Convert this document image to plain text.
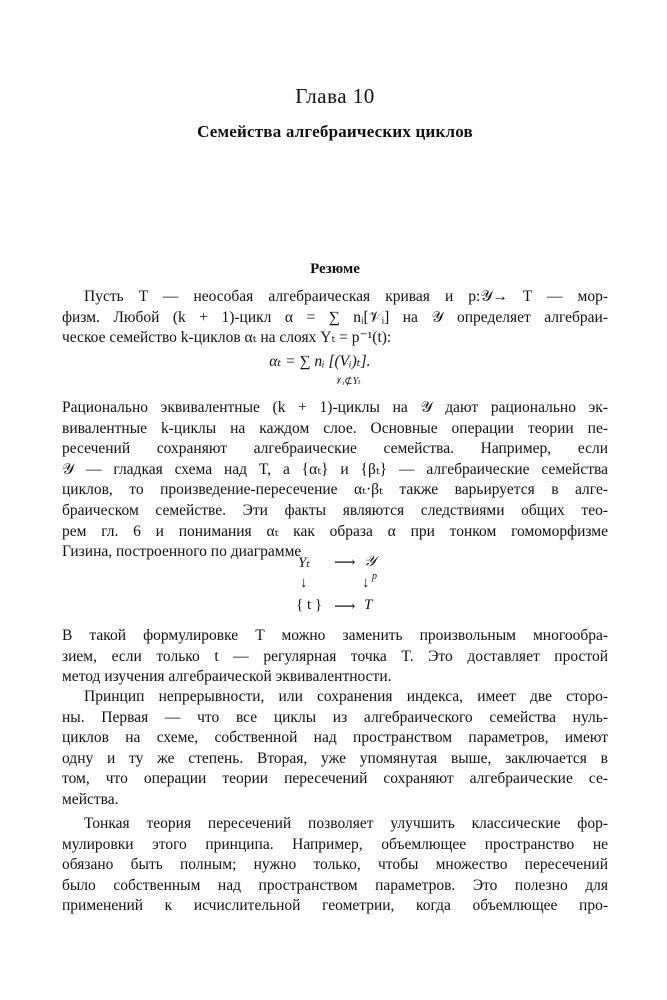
Глава 10
Семейства алгебраических циклов
Резюме
Пусть T — неособая алгебраическая кривая и p:𝒴→ T — мор-
физм. Любой (k + 1)-цикл α = ∑ nᵢ[𝒱ᵢ] на 𝒴 определяет алгебраи-
ческое семейство k-циклов αₜ на слоях Yₜ = p⁻¹(t):
αₜ = ∑ nᵢ [(Vᵢ)ₜ]. $_{𝒱ᵢ⊄Y_t}$
Рационально эквивалентные (k + 1)-циклы на 𝒴 дают рационально эк-
вивалентные k-циклы на каждом слое. Основные операции теории пе-
ресечений сохраняют алгебраические семейства. Например, если
𝒴 — гладкая схема над T, а {αₜ} и {βₜ} — алгебраические семейства
циклов, то произведение-пересечение αₜ·βₜ также варьируется в алге-
браическом семействе. Эти факты являются следствиями общих тео-
рем гл. 6 и понимания αₜ как образа α при тонком гомоморфизме
Гизина, построенного по диаграмме
Yₜ ⟶ 𝒴
↓	↓ p
{ t } ⟶ T
В такой формулировке T можно заменить произвольным многообра-
зием, если только t — регулярная точка T. Это доставляет простой
метод изучения алгебраической эквивалентности.
Принцип непрерывности, или сохранения индекса, имеет две сторо-
ны. Первая — что все циклы из алгебраического семейства нуль-
циклов на схеме, собственной над пространством параметров, имеют
одну и ту же степень. Вторая, уже упомянутая выше, заключается в
том, что операции теории пересечений сохраняют алгебраические се-
мейства.
Тонкая теория пересечений позволяет улучшить классические фор-
мулировки этого принципа. Например, объемлющее пространство не
обязано быть полным; нужно только, чтобы множество пересечений
было собственным над пространством параметров. Это полезно для
применений к исчислительной геометрии, когда объемлющее про-
